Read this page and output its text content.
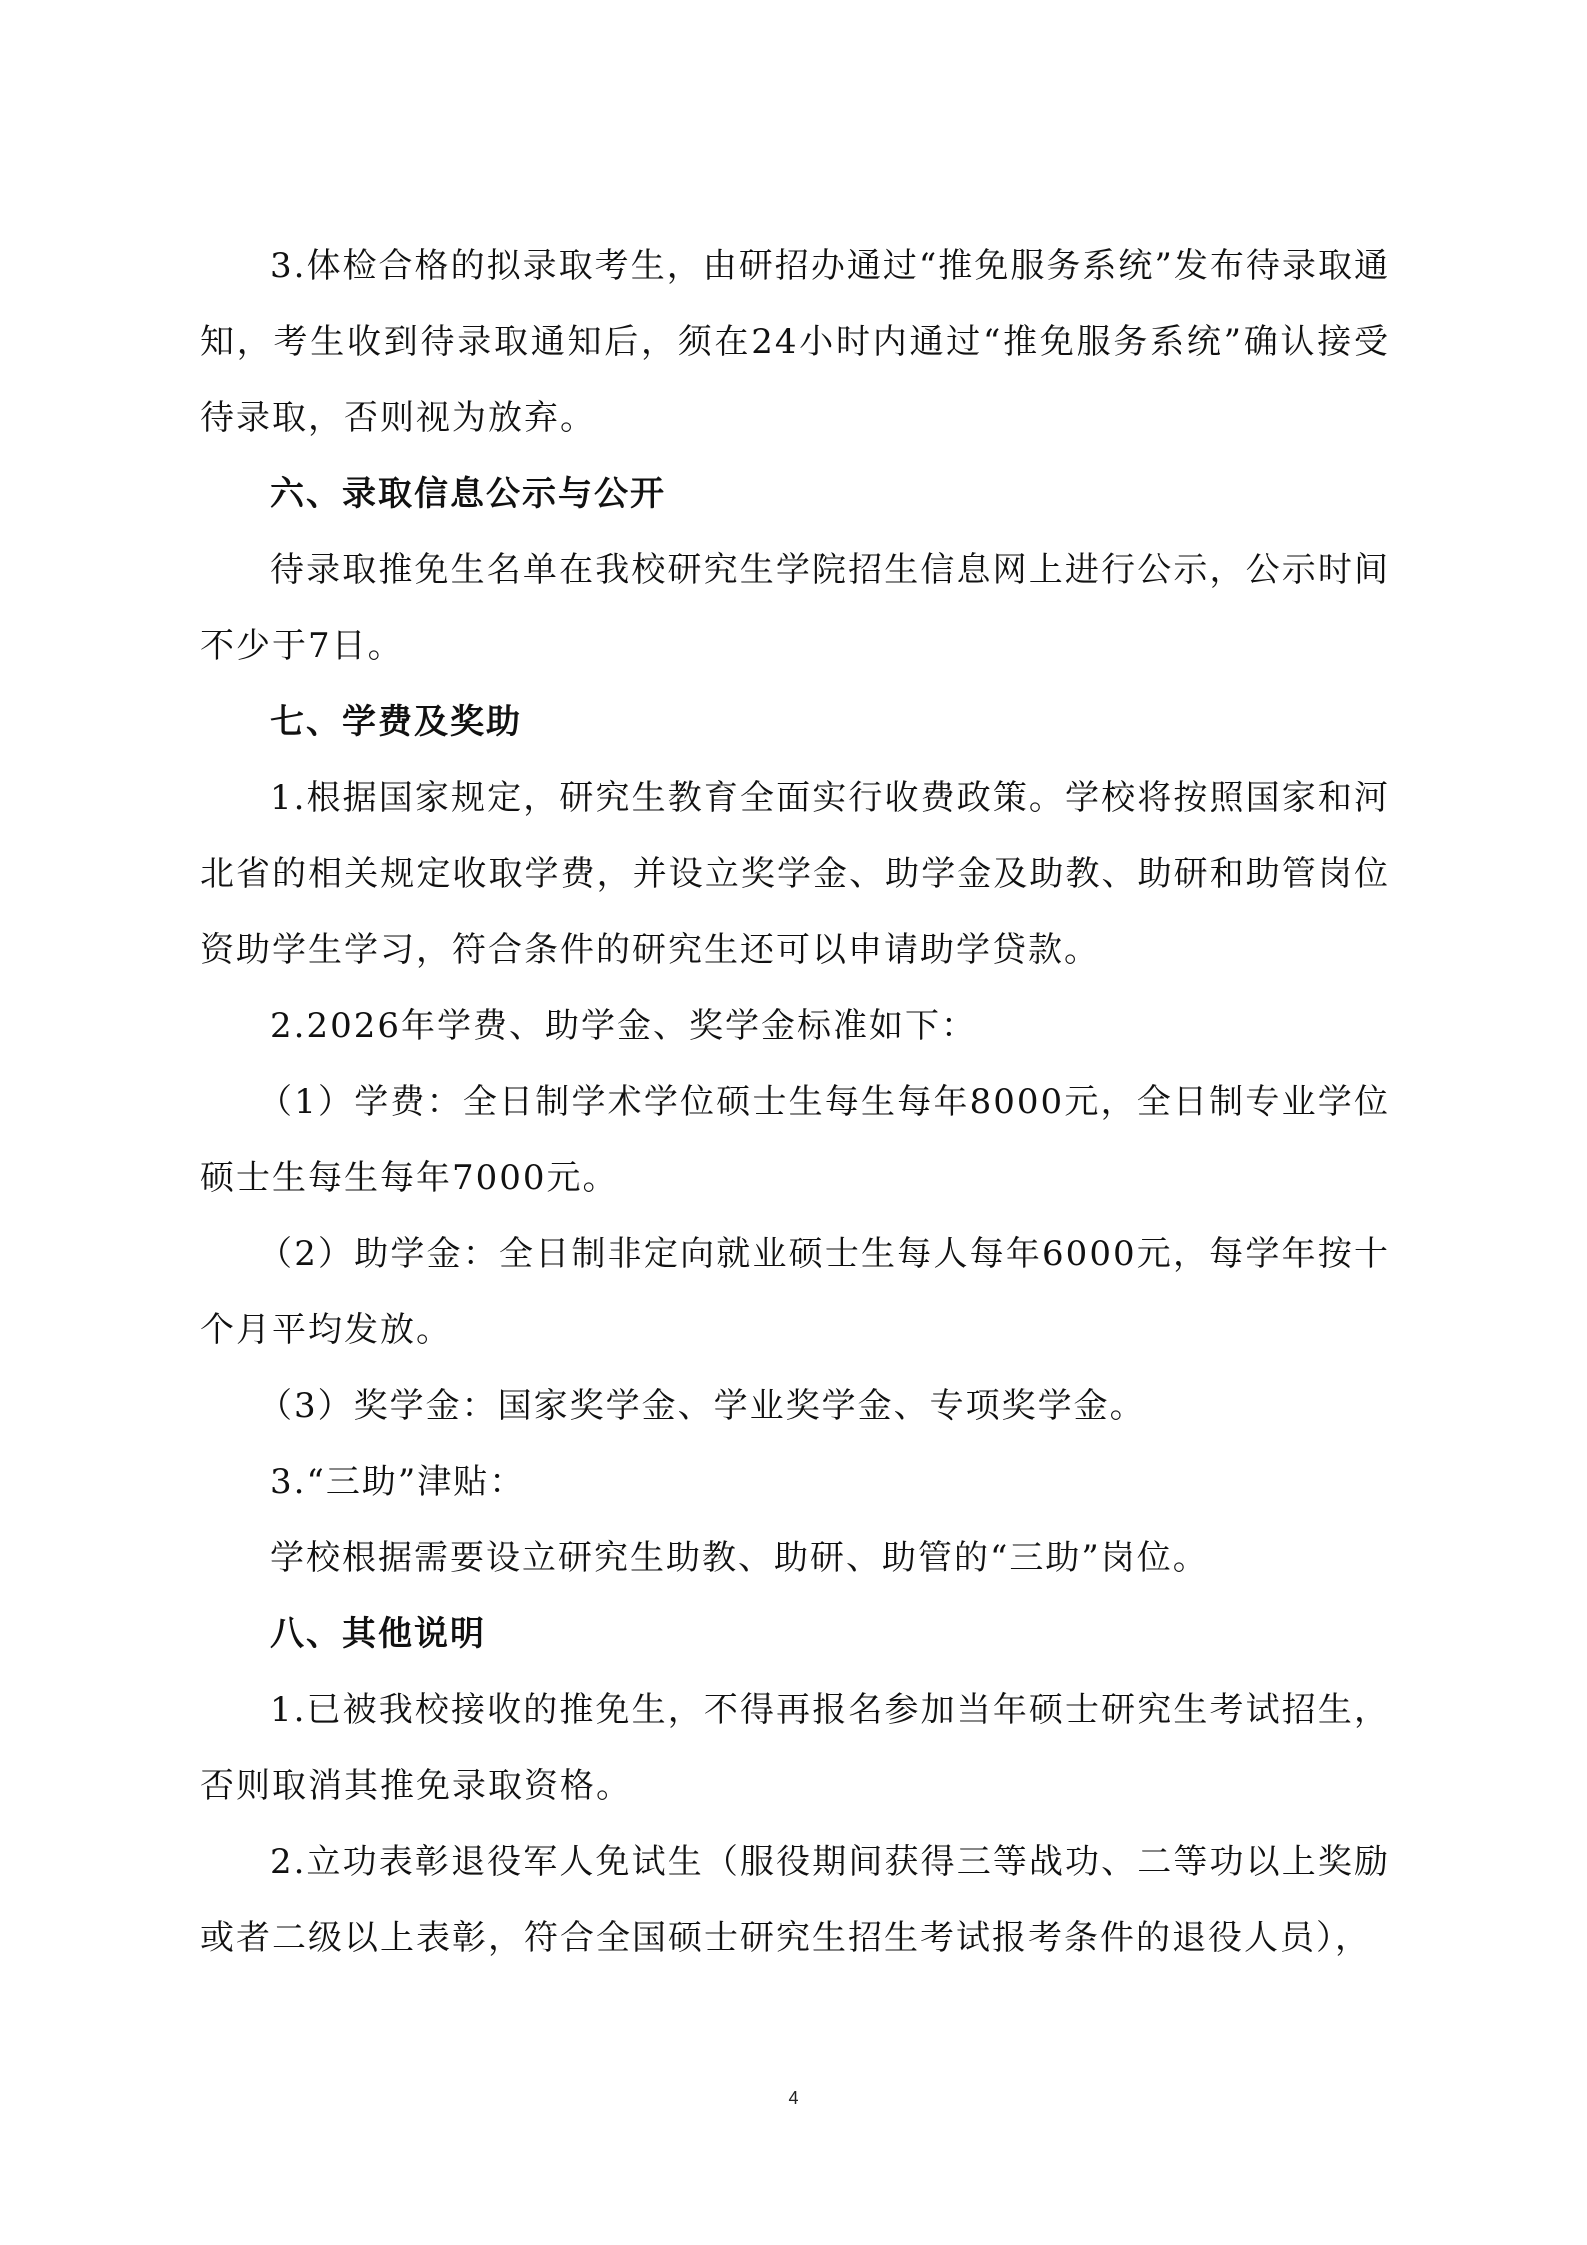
3.体检合格的拟录取考生，由研招办通过“推免服务系统”发布待录取通知，考生收到待录取通知后，须在24小时内通过“推免服务系统”确认接受待录取，否则视为放弃。

六、录取信息公示与公开

待录取推免生名单在我校研究生学院招生信息网上进行公示，公示时间不少于7日。

七、学费及奖助

1.根据国家规定，研究生教育全面实行收费政策。学校将按照国家和河北省的相关规定收取学费，并设立奖学金、助学金及助教、助研和助管岗位资助学生学习，符合条件的研究生还可以申请助学贷款。

2.2026年学费、助学金、奖学金标准如下：

（1）学费：全日制学术学位硕士生每生每年8000元，全日制专业学位硕士生每生每年7000元。

（2）助学金：全日制非定向就业硕士生每人每年6000元，每学年按十个月平均发放。

（3）奖学金：国家奖学金、学业奖学金、专项奖学金。

3.“三助”津贴：

学校根据需要设立研究生助教、助研、助管的“三助”岗位。

八、其他说明

1.已被我校接收的推免生，不得再报名参加当年硕士研究生考试招生，否则取消其推免录取资格。

2.立功表彰退役军人免试生（服役期间获得三等战功、二等功以上奖励或者二级以上表彰，符合全国硕士研究生招生考试报考条件的退役人员），

4
